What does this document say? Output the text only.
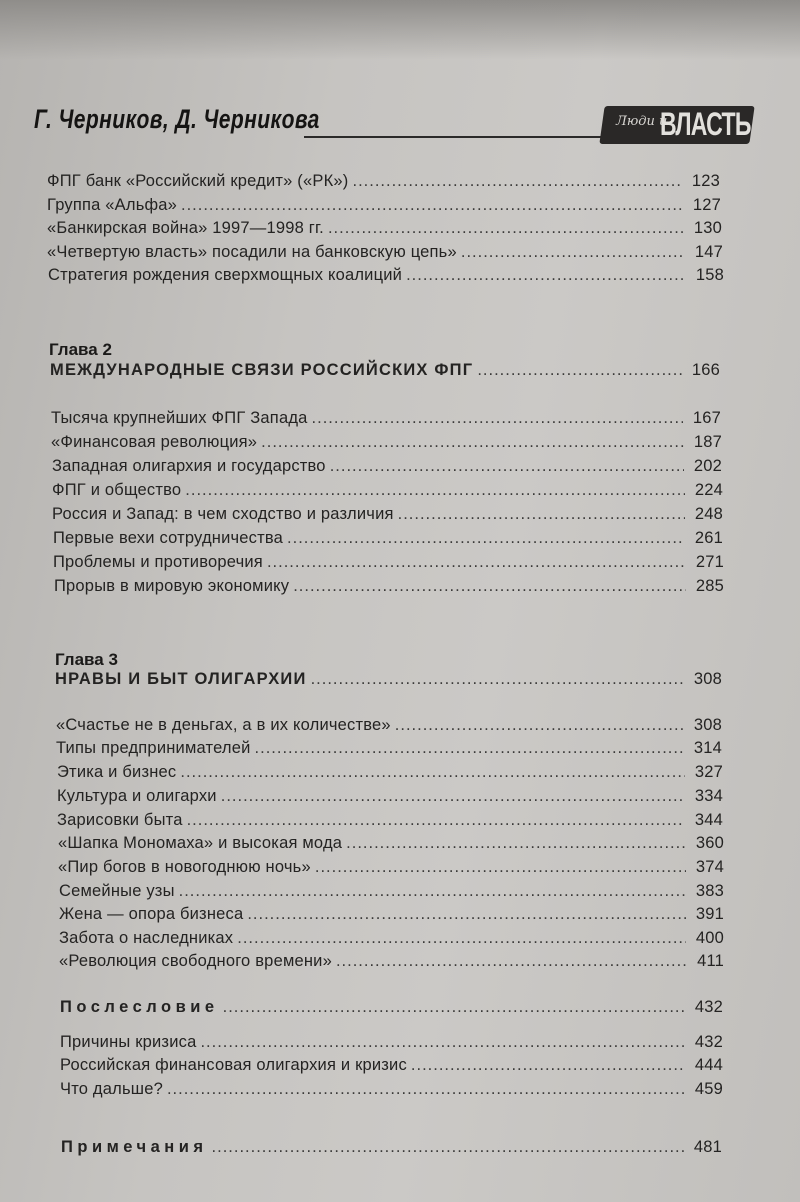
Г. Черников, Д. Черникова	Люди и
ВЛАСТЬ
ФПГ банк «Российский кредит» («РК») .....	123
Группа «Альфа» .....	127
«Банкирская война» 1997—1998 гг. .....	130
«Четвертую власть» посадили на банковскую цепь» .....	147
Стратегия рождения сверхмощных коалиций .....	158
Глава 2
МЕЖДУНАРОДНЫЕ СВЯЗИ РОССИЙСКИХ ФПГ .....	166
Тысяча крупнейших ФПГ Запада .....	167
«Финансовая революция» .....	187
Западная олигархия и государство .....	202
ФПГ и общество .....	224
Россия и Запад: в чем сходство и различия .....	248
Первые вехи сотрудничества .....	261
Проблемы и противоречия .....	271
Прорыв в мировую экономику .....	285
Глава 3
НРАВЫ И БЫТ ОЛИГАРХИИ .....	308
«Счастье не в деньгах, а в их количестве» .....	308
Типы предпринимателей .....	314
Этика и бизнес .....	327
Культура и олигархи .....	334
Зарисовки быта .....	344
«Шапка Мономаха» и высокая мода .....	360
«Пир богов в новогоднюю ночь» .....	374
Семейные узы .....	383
Жена — опора бизнеса .....	391
Забота о наследниках .....	400
«Революция свободного времени» .....	411
Послесловие .....	432
Причины кризиса .....	432
Российская финансовая олигархия и кризис .....	444
Что дальше? .....	459
Примечания .....	481
